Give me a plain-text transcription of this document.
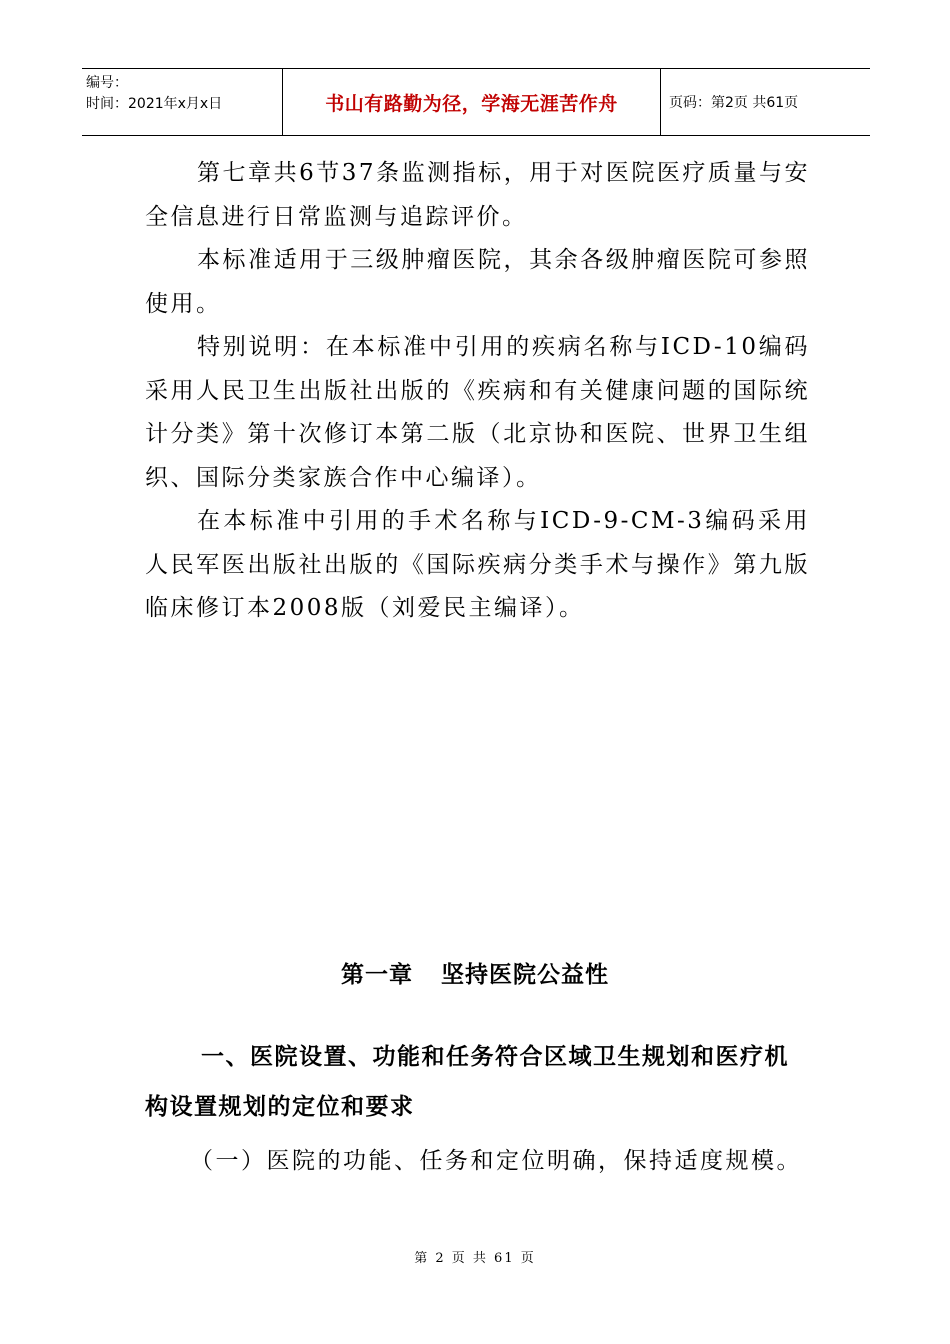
编号：
时间：2021年x月x日	书山有路勤为径，学海无涯苦作舟	页码：第2页 共61页

第七章共6节37条监测指标，用于对医院医疗质量与安全信息进行日常监测与追踪评价。

本标准适用于三级肿瘤医院，其余各级肿瘤医院可参照使用。

特别说明：在本标准中引用的疾病名称与ICD-10编码采用人民卫生出版社出版的《疾病和有关健康问题的国际统计分类》第十次修订本第二版（北京协和医院、世界卫生组织、国际分类家族合作中心编译）。

在本标准中引用的手术名称与ICD-9-CM-3编码采用人民军医出版社出版的《国际疾病分类手术与操作》第九版临床修订本2008版（刘爱民主编译）。

第一章 坚持医院公益性

一、医院设置、功能和任务符合区域卫生规划和医疗机构设置规划的定位和要求

（一）医院的功能、任务和定位明确，保持适度规模。

第 2 页 共 61 页
